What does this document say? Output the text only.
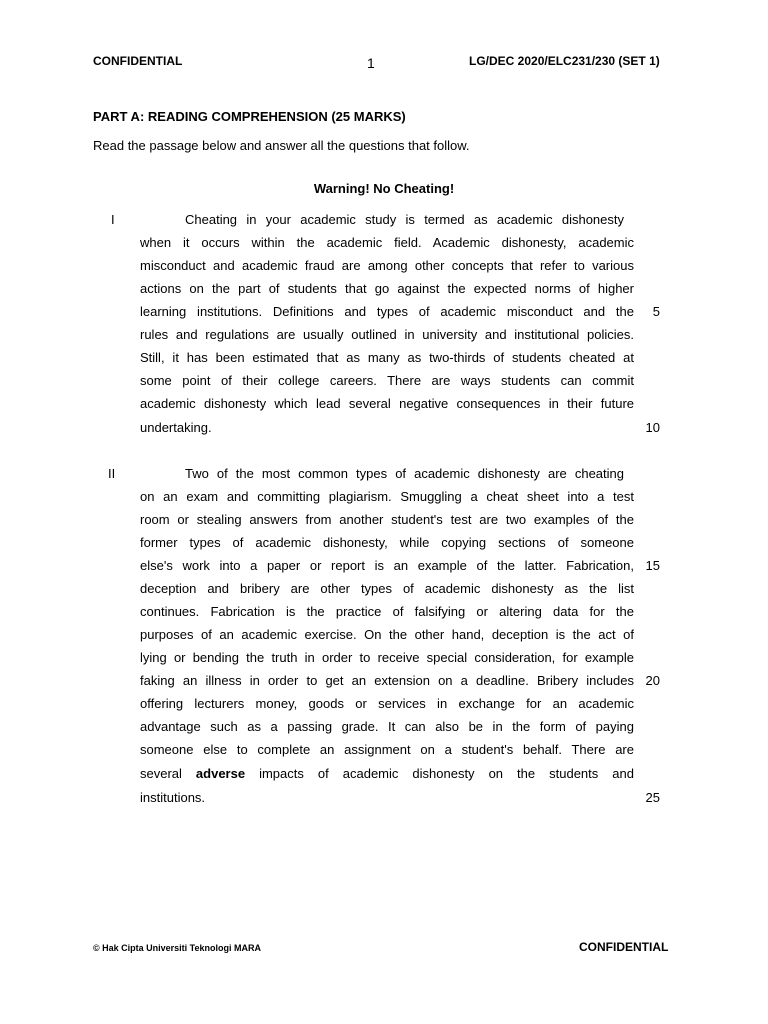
CONFIDENTIAL	1	LG/DEC 2020/ELC231/230 (SET 1)
PART A: READING COMPREHENSION (25 MARKS)
Read the passage below and answer all the questions that follow.
Warning! No Cheating!
I	Cheating in your academic study is termed as academic dishonesty
when it occurs within the academic field. Academic dishonesty, academic
misconduct and academic fraud are among other concepts that refer to various
actions on the part of students that go against the expected norms of higher
learning institutions. Definitions and types of academic misconduct and the
rules and regulations are usually outlined in university and institutional policies.
Still, it has been estimated that as many as two-thirds of students cheated at
some point of their college careers. There are ways students can commit
academic dishonesty which lead several negative consequences in their future
undertaking.
5
10
II	Two of the most common types of academic dishonesty are cheating
on an exam and committing plagiarism. Smuggling a cheat sheet into a test
room or stealing answers from another student's test are two examples of the
former types of academic dishonesty, while copying sections of someone
else's work into a paper or report is an example of the latter. Fabrication,
deception and bribery are other types of academic dishonesty as the list
continues. Fabrication is the practice of falsifying or altering data for the
purposes of an academic exercise. On the other hand, deception is the act of
lying or bending the truth in order to receive special consideration, for example
faking an illness in order to get an extension on a deadline. Bribery includes
offering lecturers money, goods or services in exchange for an academic
advantage such as a passing grade. It can also be in the form of paying
someone else to complete an assignment on a student's behalf. There are
several adverse impacts of academic dishonesty on the students and
institutions.
15
20
25
© Hak Cipta Universiti Teknologi MARA	CONFIDENTIAL
